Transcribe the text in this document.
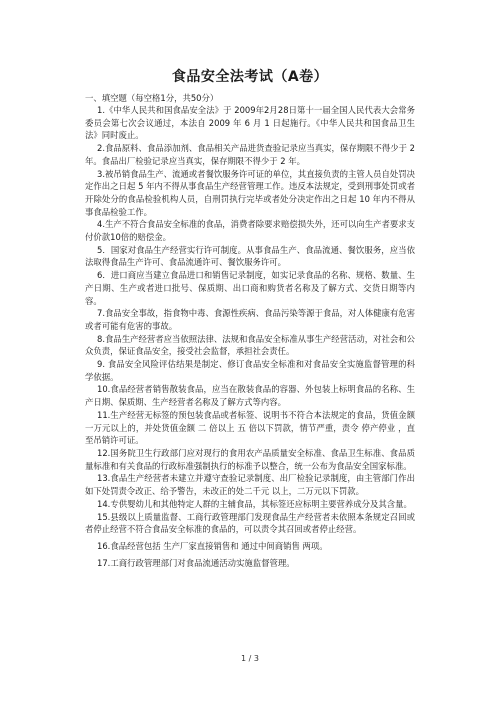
食品安全法考试（A卷）
一、填空题（每空格1分，共50分）

1.《中华人民共和国食品安全法》于 2009年2月28日第十一届全国人民代表大会常务委员会第七次会议通过，本法自 2009 年 6 月 1 日起施行。《中华人民共和国食品卫生法》同时废止。

2.食品原料、食品添加剂、食品相关产品进货查验记录应当真实，保存期限不得少于 2 年。食品出厂检验记录应当真实，保存期限不得少于 2 年。

3.被吊销食品生产、流通或者餐饮服务许可证的单位，其直接负责的主管人员自处罚决定作出之日起 5 年内不得从事食品生产经营管理工作。违反本法规定，受到刑事处罚或者开除处分的食品检验机构人员，自刑罚执行完毕或者处分决定作出之日起 10 年内不得从事食品检验工作。

4.生产不符合食品安全标准的食品，消费者除要求赔偿损失外，还可以向生产者要求支付价款10倍的赔偿金。

5．国家对食品生产经营实行许可制度。从事食品生产、食品流通、餐饮服务，应当依法取得食品生产许可、食品流通许可、餐饮服务许可。

6．进口商应当建立食品进口和销售记录制度，如实记录食品的名称、规格、数量、生产日期、生产或者进口批号、保质期、出口商和购货者名称及了解方式、交货日期等内容。

7.食品安全事故，指食物中毒、食源性疾病、食品污染等源于食品，对人体健康有危害或者可能有危害的事故。

8.食品生产经营者应当依照法律、法规和食品安全标准从事生产经营活动，对社会和公众负责，保证食品安全，接受社会监督，承担社会责任。

9. 食品安全风险评估结果是制定、修订食品安全标准和对食品安全实施监督管理的科学依据。

10.食品经营者销售散装食品，应当在散装食品的容器、外包装上标明食品的名称、生产日期、保质期、生产经营者名称及了解方式等内容。

11.生产经营无标签的预包装食品或者标签、说明书不符合本法规定的食品，货值金额一万元以上的，并处货值金额 二 倍以上 五 倍以下罚款，情节严重，责令 停产停业 ，直至吊销许可证。

12.国务院卫生行政部门应对现行的食用农产品质量安全标准、食品卫生标准、食品质量标准和有关食品的行政标准强制执行的标准予以整合，统一公布为食品安全国家标准。

13.食品生产经营者未建立并遵守查验记录制度、出厂检验记录制度，由主管部门作出如下处罚责令改正、给予警告，未改正的处二千元 以上，二万元以下罚款。

14.专供婴幼儿和其他特定人群的主辅食品，其标签还应标明主要营养成分及其含量。

15.县级以上质量监督、工商行政管理部门发现食品生产经营者未依照本条规定召回或者停止经营不符合食品安全标准的食品的，可以责令其召回或者停止经营。

16.食品经营包括 生产厂家直接销售和 通过中间商销售 两项。

17.工商行政管理部门对食品流通活动实施监督管理。

1 / 3
